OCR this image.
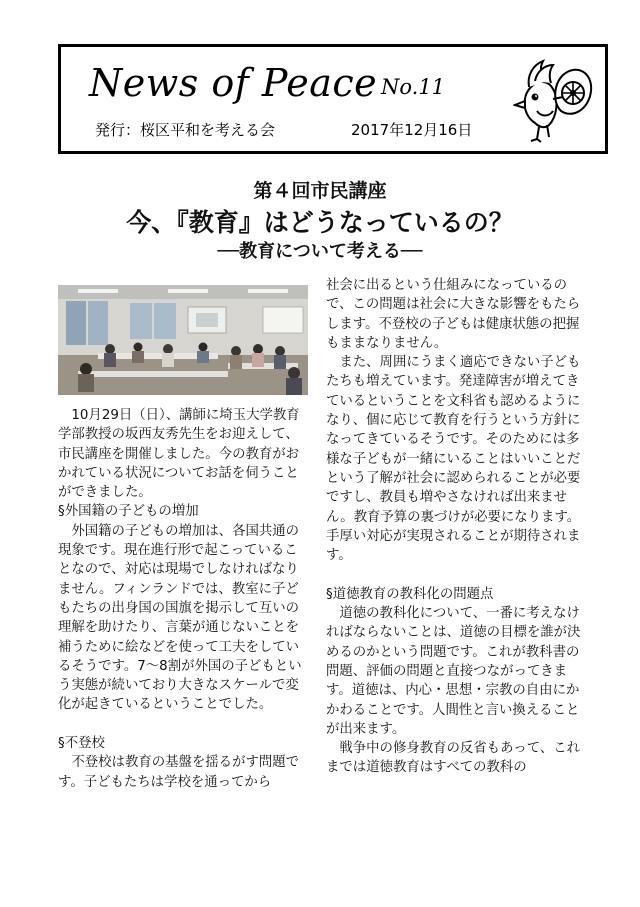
News of Peace No.11
発行：桜区平和を考える会	2017年12月16日
第４回市民講座
今、『教育』はどうなっているの？
──教育について考える──

10月29日（日）、講師に埼玉大学教育学部教授の坂西友秀先生をお迎えして、市民講座を開催しました。今の教育がおかれている状況についてお話を伺うことができました。

§外国籍の子どもの増加

外国籍の子どもの増加は、各国共通の現象です。現在進行形で起こっていることなので、対応は現場でしなければなりません。フィンランドでは、教室に子どもたちの出身国の国旗を掲示して互いの理解を助けたり、言葉が通じないことを補うために絵などを使って工夫をしているそうです。7〜8割が外国の子どもという実態が続いており大きなスケールで変化が起きているということでした。

§不登校

不登校は教育の基盤を揺るがす問題です。子どもたちは学校を通ってから

社会に出るという仕組みになっているので、この問題は社会に大きな影響をもたらします。不登校の子どもは健康状態の把握もままなりません。

また、周囲にうまく適応できない子どもたちも増えています。発達障害が増えてきているということを文科省も認めるようになり、個に応じて教育を行うという方針になってきているそうです。そのためには多様な子どもが一緒にいることはいいことだという了解が社会に認められることが必要ですし、教員も増やさなければ出来ません。教育予算の裏づけが必要になります。手厚い対応が実現されることが期待されます。

§道徳教育の教科化の問題点

道徳の教科化について、一番に考えなければならないことは、道徳の目標を誰が決めるのかという問題です。これが教科書の問題、評価の問題と直接つながってきます。道徳は、内心・思想・宗教の自由にかかわることです。人間性と言い換えることが出来ます。

戦争中の修身教育の反省もあって、これまでは道徳教育はすべての教科の
